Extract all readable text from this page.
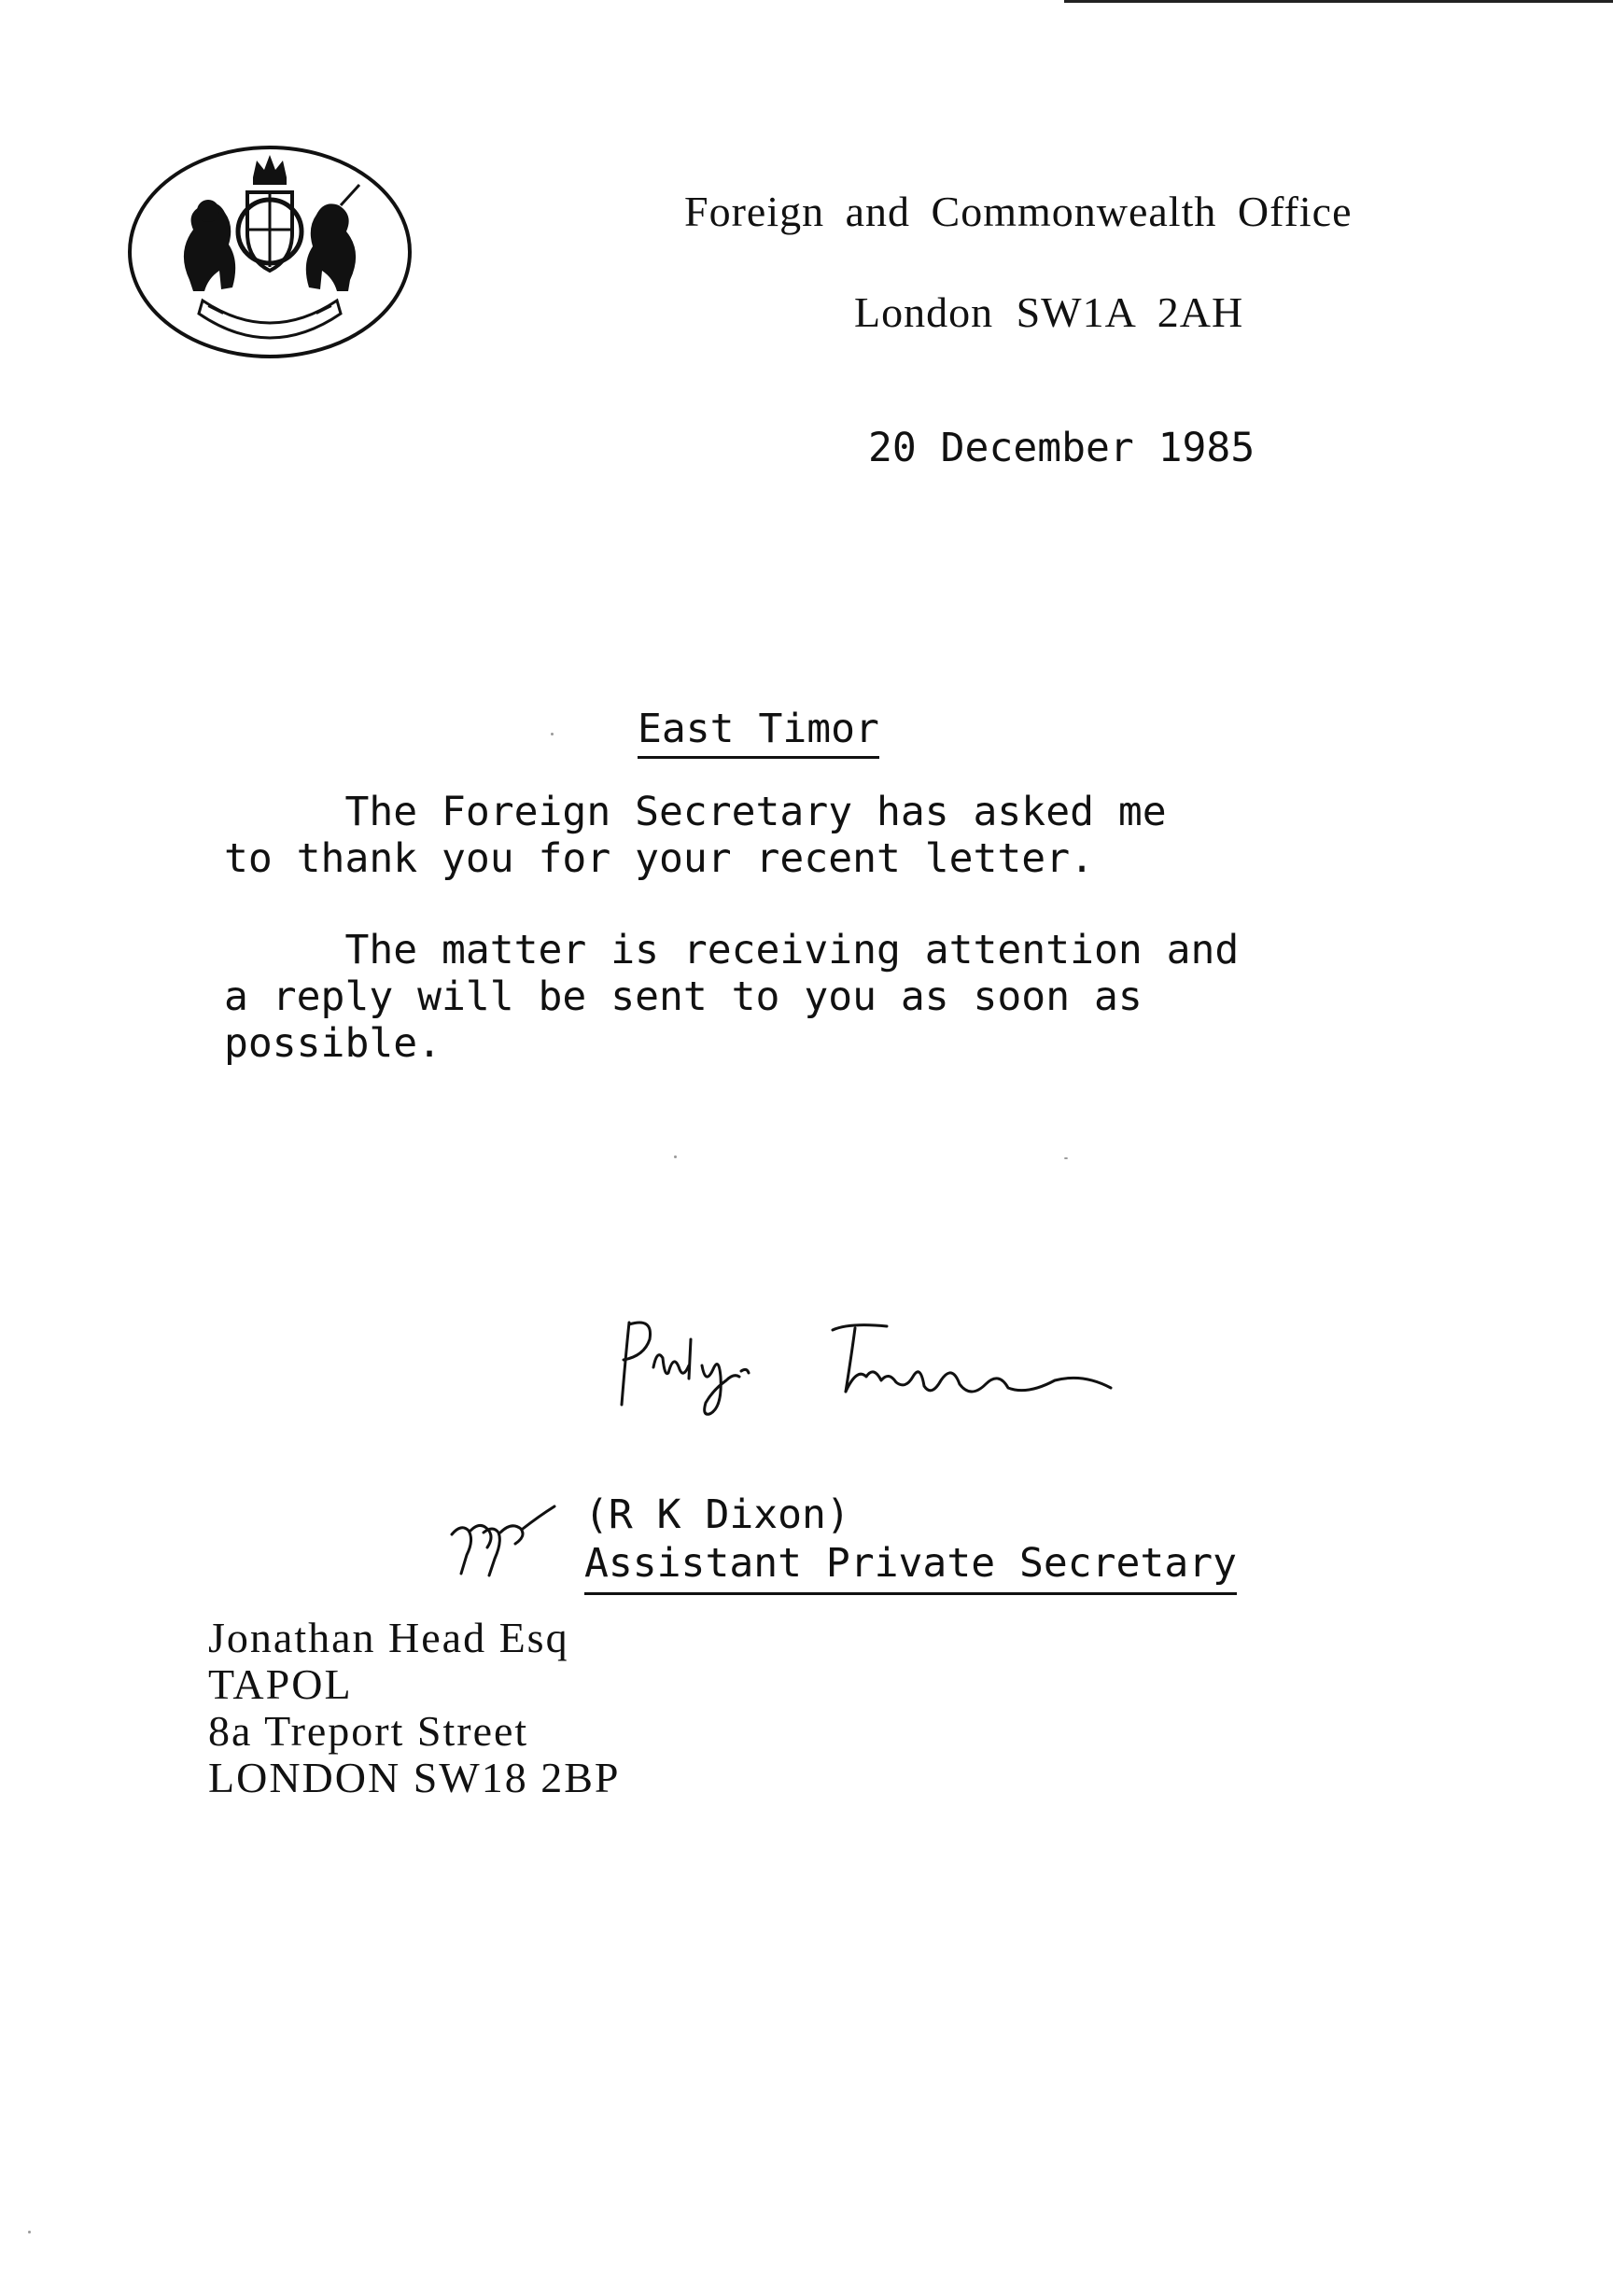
Foreign and Commonwealth Office
London SW1A 2AH
20 December 1985
East Timor
The Foreign Secretary has asked me
to thank you for your recent letter.
The matter is receiving attention and
a reply will be sent to you as soon as
possible.
(R K Dixon)
Assistant Private Secretary
Jonathan Head Esq
TAPOL
8a Treport Street
LONDON SW18 2BP
